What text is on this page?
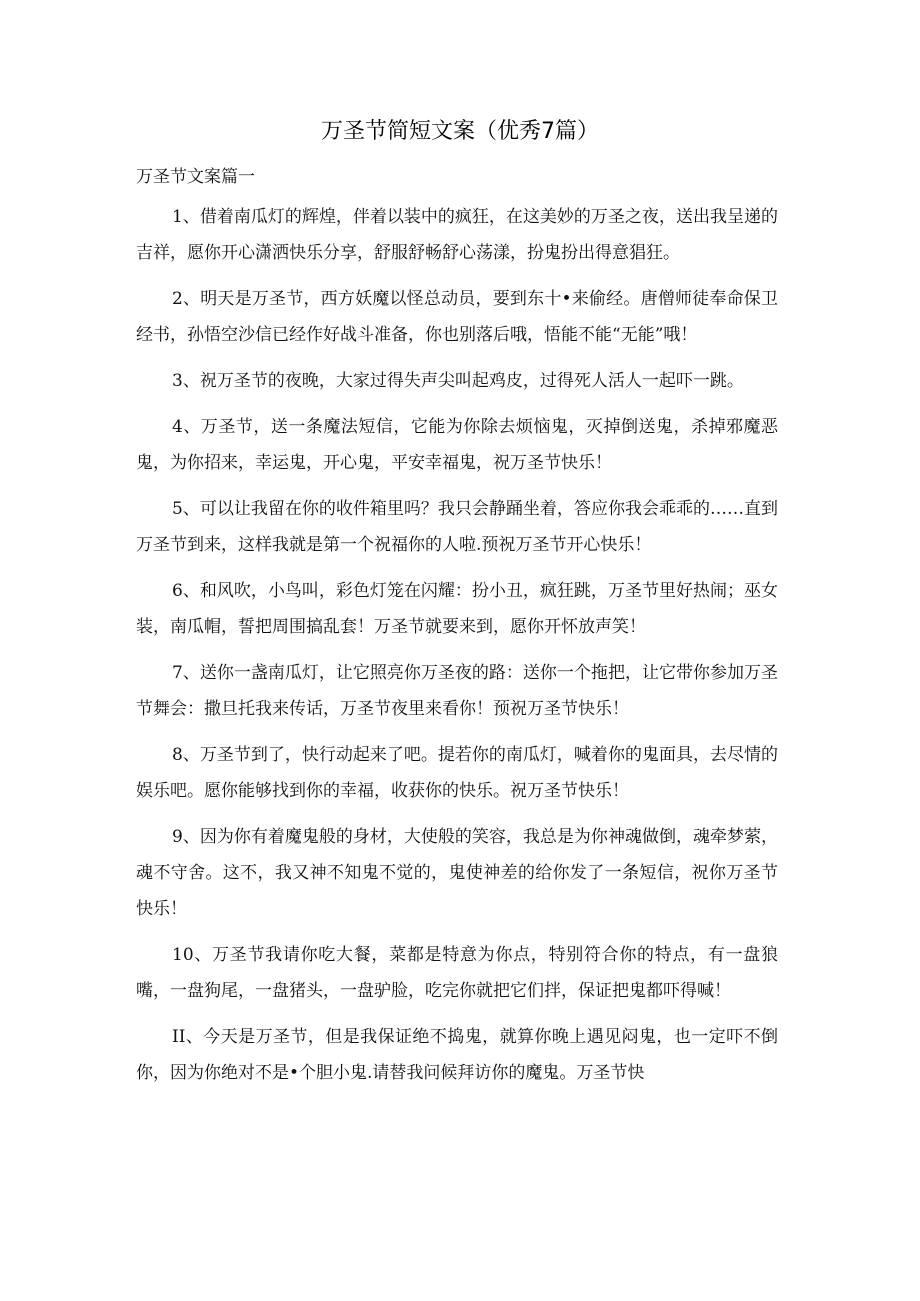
万圣节简短文案（优秀7篇）
万圣节文案篇一

1、借着南瓜灯的辉煌，伴着以装中的疯狂，在这美妙的万圣之夜，送出我呈递的吉祥，愿你开心潇洒快乐分享，舒服舒畅舒心荡漾，扮鬼扮出得意猖狂。

2、明天是万圣节，西方妖魔以怪总动员，要到东十•来偷经。唐僧师徒奉命保卫经书，孙悟空沙信已经作好战斗准备，你也别落后哦，悟能不能“无能”哦！

3、祝万圣节的夜晚，大家过得失声尖叫起鸡皮，过得死人活人一起吓一跳。

4、万圣节，送一条魔法短信，它能为你除去烦恼鬼，灭掉倒送鬼，杀掉邪魔恶鬼，为你招来，幸运鬼，开心鬼，平安幸福鬼，祝万圣节快乐！

5、可以让我留在你的收件箱里吗？我只会静踊坐着，答应你我会乖乖的……直到万圣节到来，这样我就是第一个祝福你的人啦.预祝万圣节开心快乐！

6、和风吹，小鸟叫，彩色灯笼在闪耀：扮小丑，疯狂跳，万圣节里好热闹；巫女装，南瓜帽，誓把周围搞乱套！万圣节就要来到，愿你开怀放声笑！

7、送你一盏南瓜灯，让它照亮你万圣夜的路：送你一个拖把，让它带你参加万圣节舞会：撒旦托我来传话，万圣节夜里来看你！预祝万圣节快乐！

8、万圣节到了，快行动起来了吧。提若你的南瓜灯，喊着你的鬼面具，去尽情的娱乐吧。愿你能够找到你的幸福，收获你的快乐。祝万圣节快乐！

9、因为你有着魔鬼般的身材，大使般的笑容，我总是为你神魂做倒，魂牵梦萦，魂不守舍。这不，我又神不知鬼不觉的，鬼使神差的给你发了一条短信，祝你万圣节快乐！

10、万圣节我请你吃大餐，菜都是特意为你点，特别符合你的特点，有一盘狼嘴，一盘狗尾，一盘猪头，一盘驴脸，吃完你就把它们拌，保证把鬼都吓得喊！

II、今天是万圣节，但是我保证绝不捣鬼，就算你晚上遇见闷鬼，也一定吓不倒你，因为你绝对不是•个胆小鬼.请替我问候拜访你的魔鬼。万圣节快
